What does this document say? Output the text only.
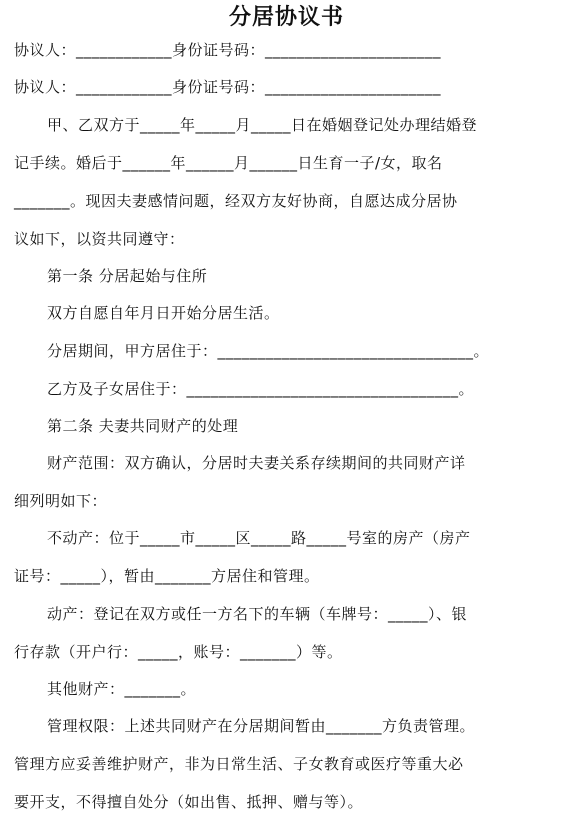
分居协议书
协议人：____________身份证号码：______________________
协议人：____________身份证号码：______________________
甲、乙双方于_____年_____月_____日在婚姻登记处办理结婚登
记手续。婚后于______年______月______日生育一子/女，取名
_______。现因夫妻感情问题，经双方友好协商，自愿达成分居协
议如下，以资共同遵守：
第一条 分居起始与住所
双方自愿自年月日开始分居生活。
分居期间，甲方居住于：________________________________。
乙方及子女居住于：__________________________________。
第二条 夫妻共同财产的处理
财产范围：双方确认，分居时夫妻关系存续期间的共同财产详
细列明如下：
不动产：位于_____市_____区_____路_____号室的房产（房产
证号：_____），暂由_______方居住和管理。
动产：登记在双方或任一方名下的车辆（车牌号：_____）、银
行存款（开户行：_____，账号：_______）等。
其他财产：_______。
管理权限：上述共同财产在分居期间暂由_______方负责管理。
管理方应妥善维护财产，非为日常生活、子女教育或医疗等重大必
要开支，不得擅自处分（如出售、抵押、赠与等）。
